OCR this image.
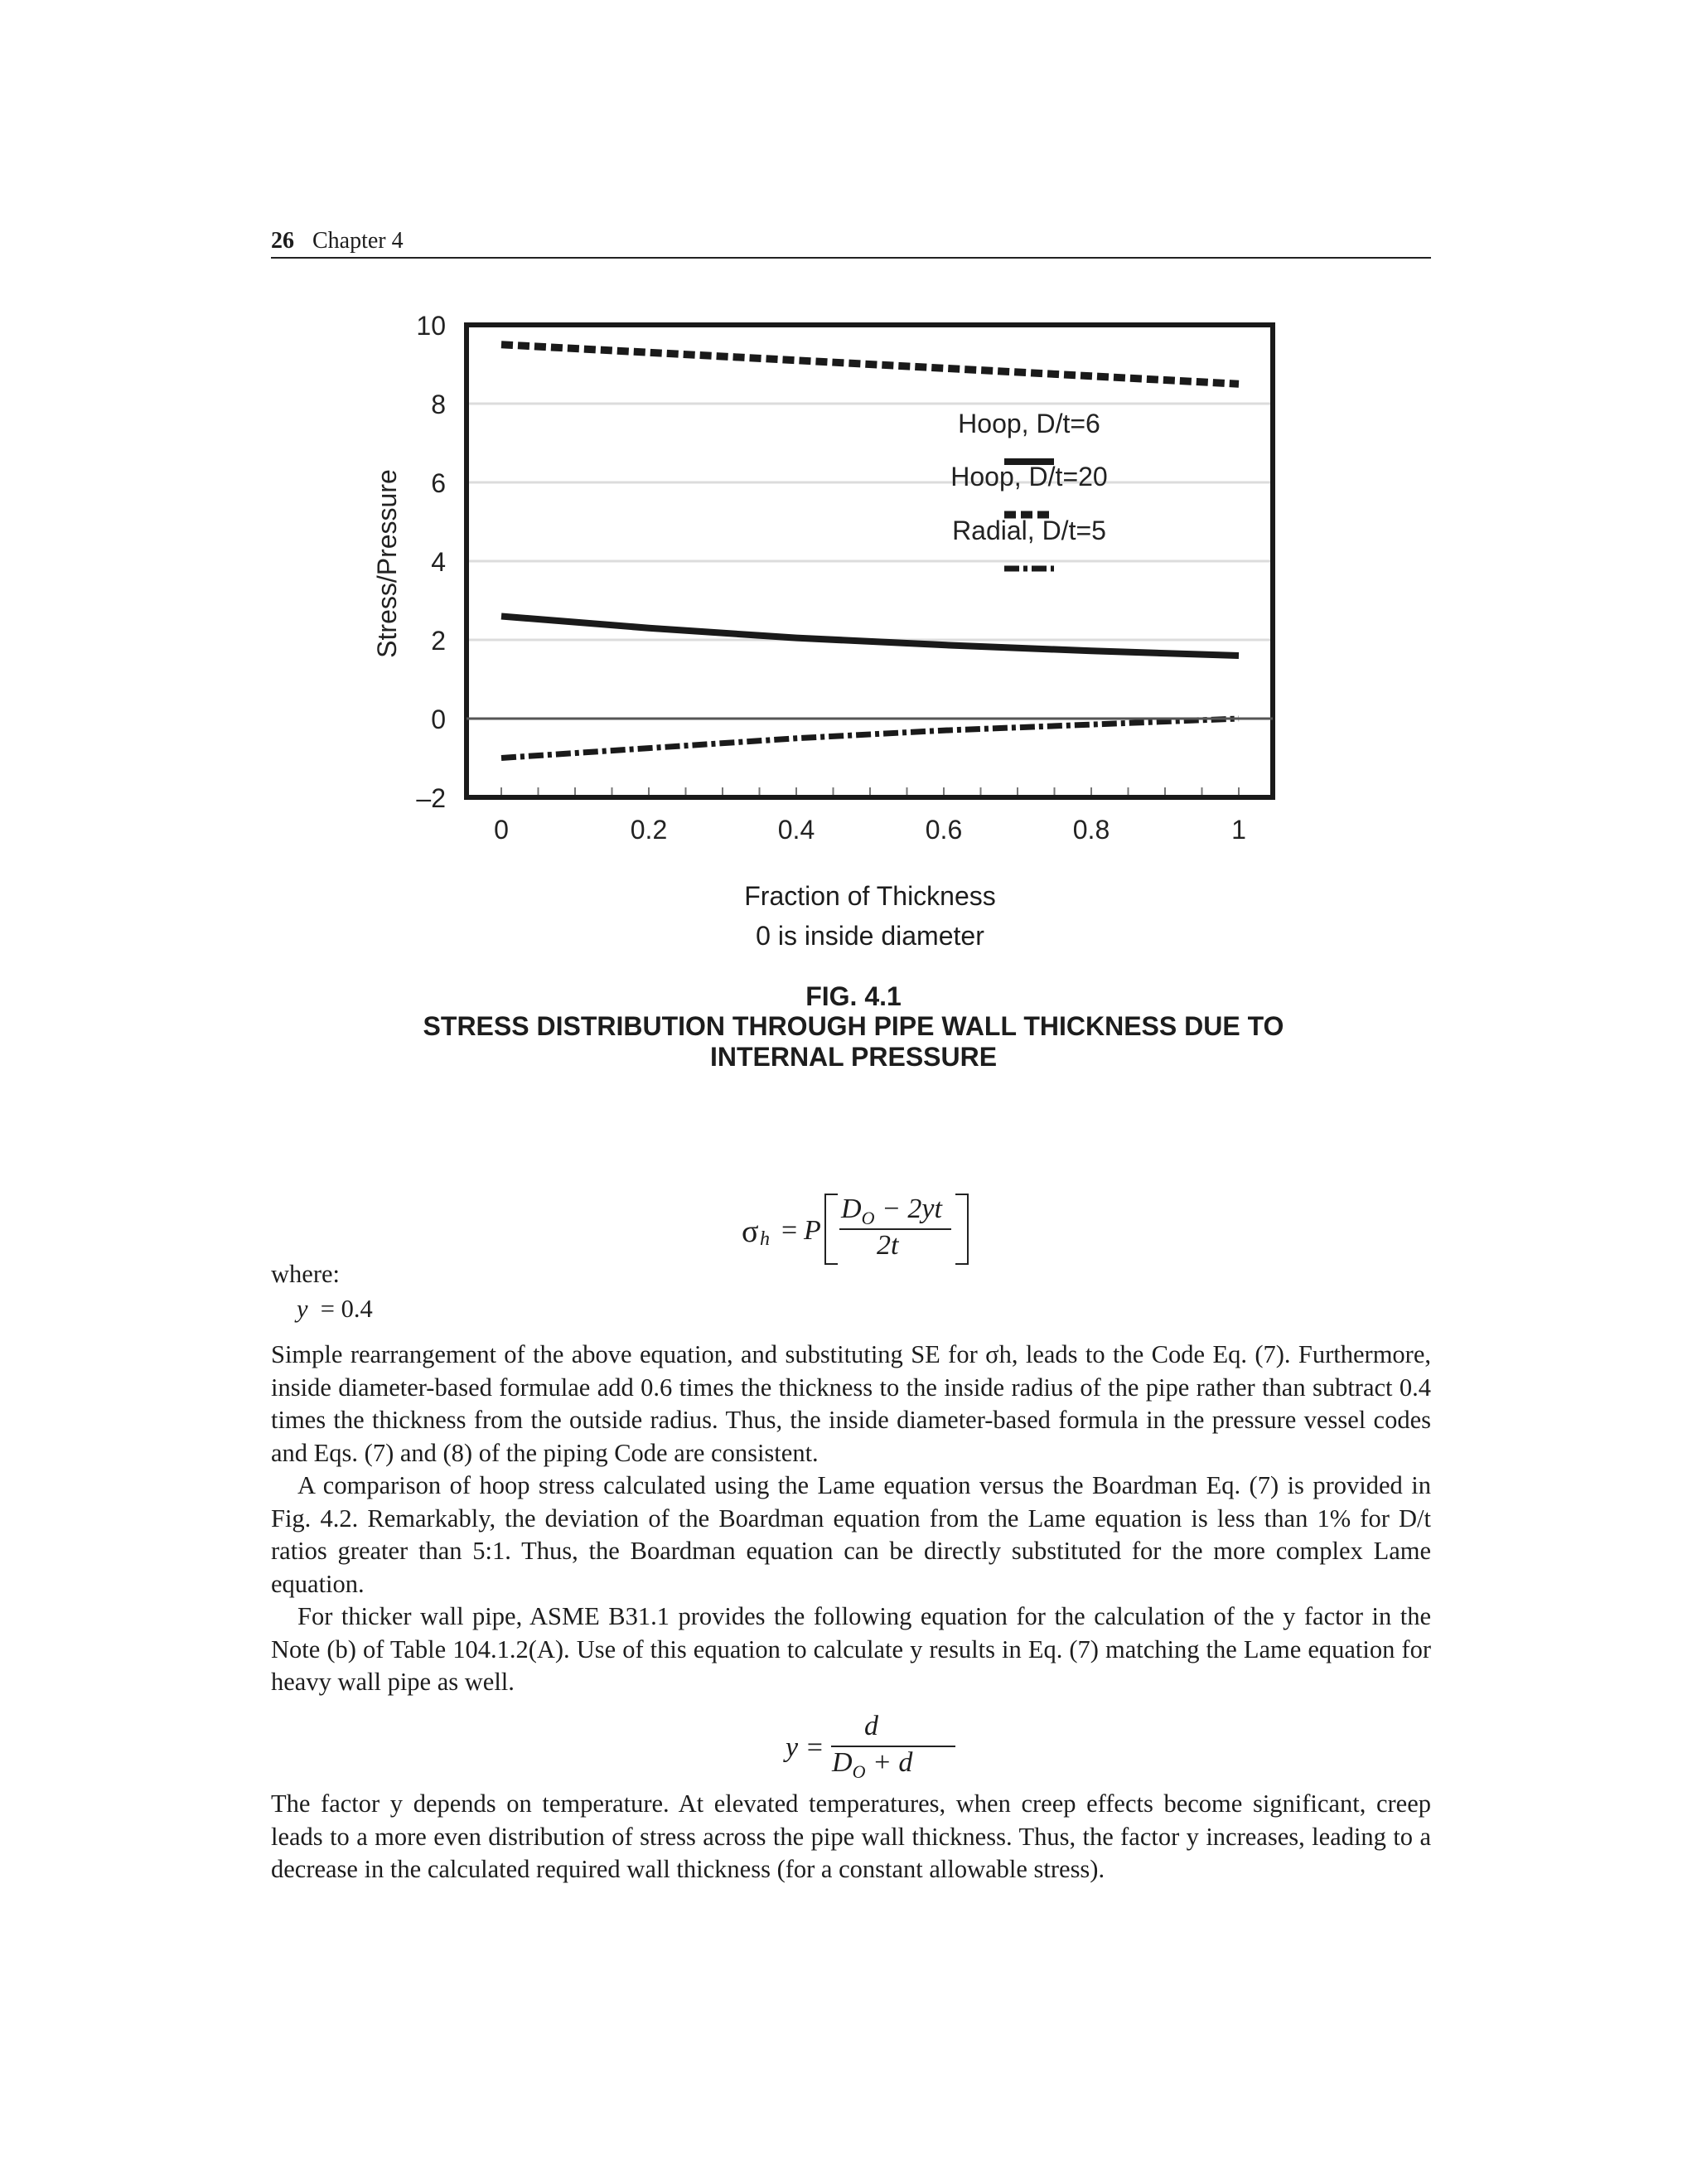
26 Chapter 4
10
8
6
4
2
0
–2
0	0.2	0.4	0.6	0.8	1
Stress/Pressure
Hoop, D/t=6
Hoop, D/t=20
Radial, D/t=5
Fraction of Thickness
0 is inside diameter
FIG. 4.1
STRESS DISTRIBUTION THROUGH PIPE WALL THICKNESS DUE TO
INTERNAL PRESSURE
σ h = P
$D_O - 2yt$
2t
where:
y = 0.4

Simple rearrangement of the above equation, and substituting SE for σh, leads to the Code Eq. (7). Furthermore, inside diameter-based formulae add 0.6 times the thickness to the inside radius of the pipe rather than subtract 0.4 times the thickness from the outside radius. Thus, the inside diameter-based formula in the pressure vessel codes and Eqs. (7) and (8) of the piping Code are consistent.

A comparison of hoop stress calculated using the Lame equation versus the Boardman Eq. (7) is provided in Fig. 4.2. Remarkably, the deviation of the Boardman equation from the Lame equation is less than 1% for D/t ratios greater than 5:1. Thus, the Boardman equation can be directly substituted for the more complex Lame equation.

For thicker wall pipe, ASME B31.1 provides the following equation for the calculation of the y factor in the Note (b) of Table 104.1.2(A). Use of this equation to calculate y results in Eq. (7) matching the Lame equation for heavy wall pipe as well.

y =
d
$D_O + d$

The factor y depends on temperature. At elevated temperatures, when creep effects become significant, creep leads to a more even distribution of stress across the pipe wall thickness. Thus, the factor y increases, leading to a decrease in the calculated required wall thickness (for a constant allowable stress).
